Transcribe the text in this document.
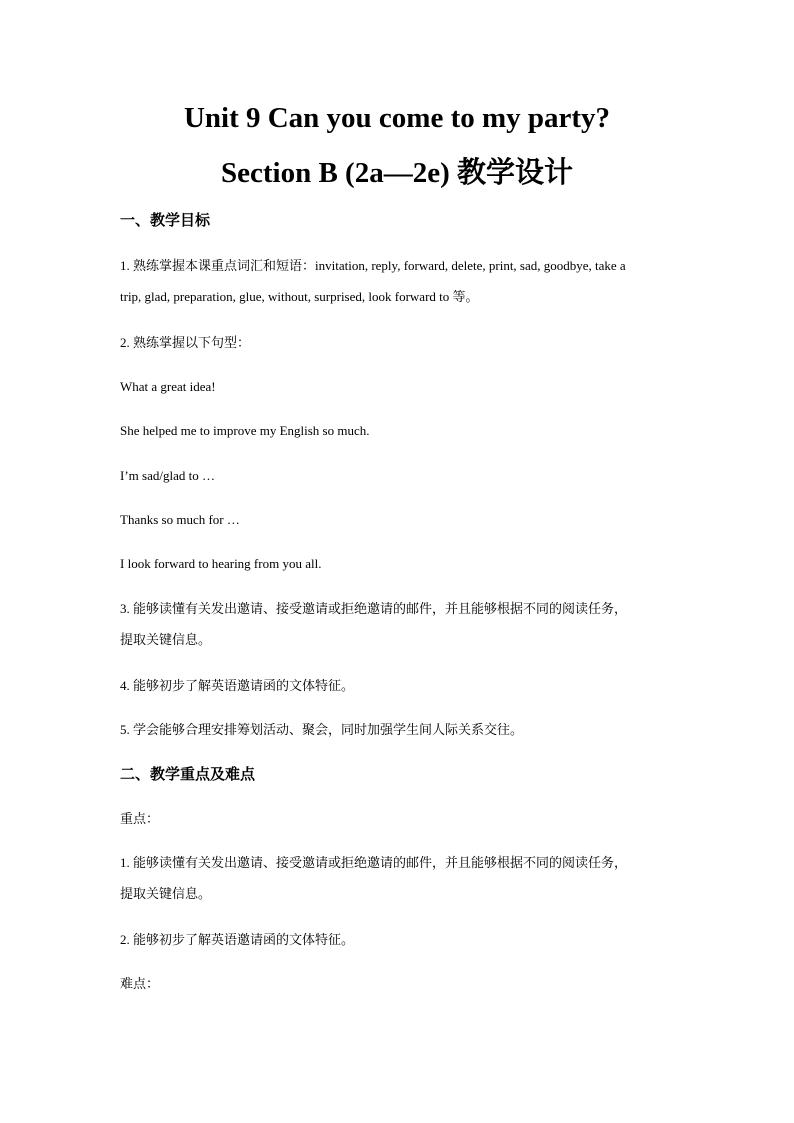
Unit 9 Can you come to my party?
Section B (2a—2e) 教学设计
一、教学目标
1. 熟练掌握本课重点词汇和短语：invitation, reply, forward, delete, print, sad, goodbye, take a
trip, glad, preparation, glue, without, surprised, look forward to 等。
2. 熟练掌握以下句型：
What a great idea!
She helped me to improve my English so much.
I’m sad/glad to …
Thanks so much for …
I look forward to hearing from you all.
3. 能够读懂有关发出邀请、接受邀请或拒绝邀请的邮件，并且能够根据不同的阅读任务，
提取关键信息。
4. 能够初步了解英语邀请函的文体特征。
5. 学会能够合理安排筹划活动、聚会，同时加强学生间人际关系交往。
二、教学重点及难点
重点：
1. 能够读懂有关发出邀请、接受邀请或拒绝邀请的邮件，并且能够根据不同的阅读任务，
提取关键信息。
2. 能够初步了解英语邀请函的文体特征。
难点：
